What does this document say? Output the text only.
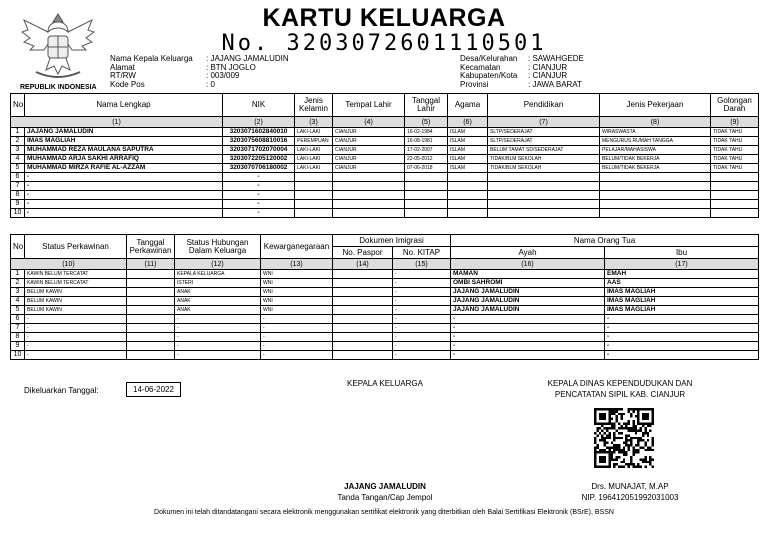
REPUBLIK INDONESIA
KARTU KELUARGA
No. 3203072601110501
Nama Kepala Keluarga	: JAJANG JAMALUDIN
Alamat	: BTN JOGLO
RT/RW	: 003/009
Kode Pos	: 0
Desa/Kelurahan	: SAWAHGEDE
Kecamatan	: CIANJUR
Kabupaten/Kota	: CIANJUR
Provinsi	: JAWA BARAT
No	Nama Lengkap	NIK	Jenis Kelamin	Tempat Lahir	Tanggal Lahir	Agama	Pendidikan	Jenis Pekerjaan	Golongan Darah
(1)		(2)	(3)	(4)	(5)	(6)	(7)	(8)	(9)
1	JAJANG JAMALUDIN	3203071602840010	LAKI-LAKI	CIANJUR	16-02-1984	ISLAM	SLTP/SEDERAJAT	WIRASWASTA	TIDAK TAHU
2	IMAS MAGLIAH	3203075608810016	PEREMPUAN	CIANJUR	16-08-1981	ISLAM	SLTP/SEDERAJAT	MENGURUS RUMAH TANGGA	TIDAK TAHU
3	MUHAMMAD REZA MAULANA SAPUTRA	3203071702070004	LAKI-LAKI	CIANJUR	17-02-2007	ISLAM	BELUM TAMAT SD/SEDERAJAT	PELAJAR/MAHASISWA	TIDAK TAHU
4	MUHAMMAD ARJA SAKHI ARRAFIQ	3203072205120002	LAKI-LAKI	CIANJUR	22-05-2012	ISLAM	TIDAK/BLM SEKOLAH	BELUM/TIDAK BEKERJA	TIDAK TAHU
5	MUHAMMAD MIRZA RAFIE AL-AZZAM	3203070706180002	LAKI-LAKI	CIANJUR	07-06-2018	ISLAM	TIDAK/BLM SEKOLAH	BELUM/TIDAK BEKERJA	TIDAK TAHU
6	-	-							
7	-	-							
8	-	-							
9	-	-							
10	-	-							
No	Status Perkawinan	Tanggal Perkawinan	Status Hubungan Dalam Keluarga	Kewarganegaraan	Dokumen Imigrasi		Nama Orang Tua	
					No. Paspor	No. KITAP	Ayah	Ibu
(10)		(11)	(12)	(13)	(14)	(15)	(16)	(17)
1	KAWIN BELUM TERCATAT		KEPALA KELUARGA	WNI		-	MAMAN	EMAH
2	KAWIN BELUM TERCATAT		ISTERI	WNI		-	OMBI SAHROMI	AAS
3	BELUM KAWIN		ANAK	WNI		-	JAJANG JAMALUDIN	IMAS MAGLIAH
4	BELUM KAWIN		ANAK	WNI		-	JAJANG JAMALUDIN	IMAS MAGLIAH
5	BELUM KAWIN		ANAK	WNI		-	JAJANG JAMALUDIN	IMAS MAGLIAH
6	-		-	-		-	-	-
7	-		-	-		-	-	-
8	-		-	-		-	-	-
9	-		-	-		-	-	-
10	-		-	-		-	-	-
Dikeluarkan Tanggal:	14-06-2022
KEPALA KELUARGA	KEPALA DINAS KEPENDUDUKAN DAN
PENCATATAN SIPIL KAB. CIANJUR
JAJANG JAMALUDIN
Tanda Tangan/Cap Jempol
Drs. MUNAJAT, M.AP
NIP. 196412051992031003
Dokumen ini telah ditandatangani secara elektronik menggunakan sertifikat elektronik yang diterbitkan oleh Balai Sertifikasi Elektronik (BSrE), BSSN
